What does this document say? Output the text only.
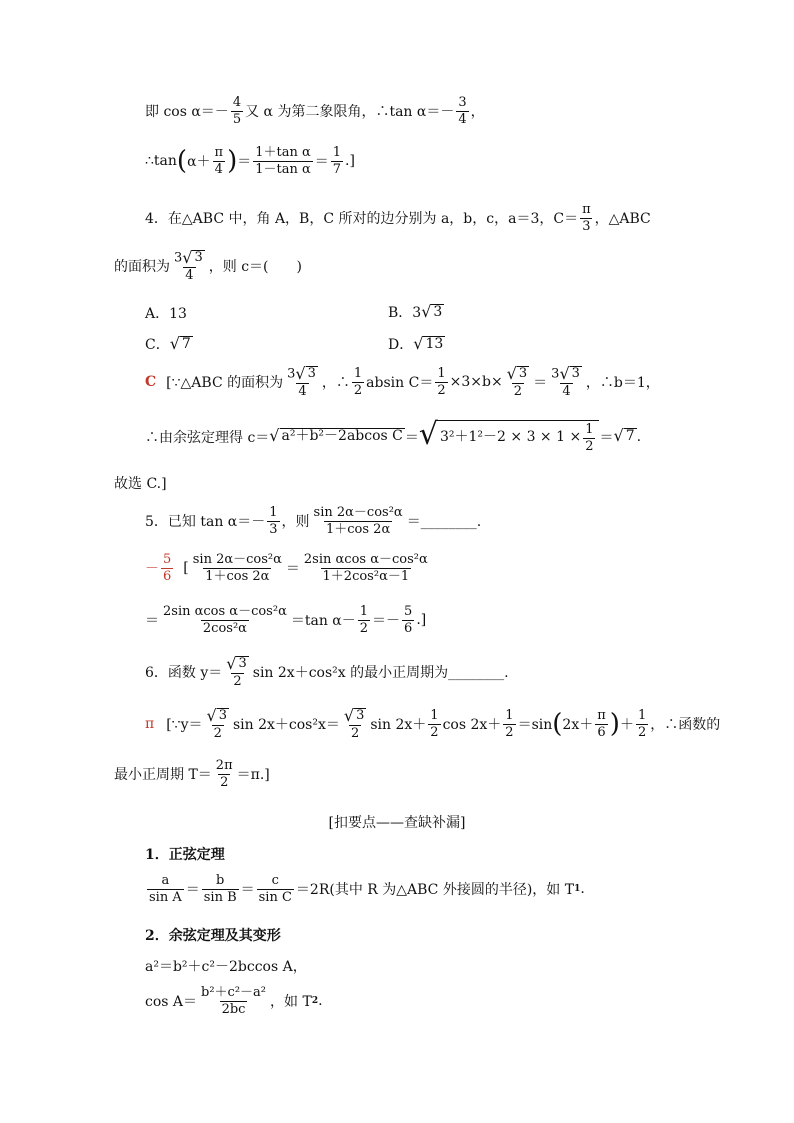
即 $\cos \alpha=- \frac{4}{5}$ 又 α 为第二象限角，∴tan $\alpha=- \frac{3}{4}$ ，
∴tan ( $\alpha+ \frac{\pi}{4}$ ) ＝ $\frac{\text{1＋tan α}}{\text{1－tan α}} = \frac{1}{7}$ .]
4．在△ABC 中，角 A，B，C 所对的边分别为 a，b，c，a＝3，$C= \frac{\pi}{3}$ ，△ABC
的面积为 $\frac{3 √ 3}{4}$ ，则 c＝(　　)
A．13	B．3 √ 3
C． √ 7	D． √ 13
C [∵△ABC 的面积为 $\frac{3 √ 3}{4}$ ，∴ $\frac{1}{2}$ absin $C= \frac{1}{2} \times 3\times b\times \frac{√ 3}{2} = \frac{3 √ 3}{4}$ ，∴b＝1，
∴由余弦定理得 c＝ √ a²＋b²－2abcos C ＝ √ $3^2+1^2-2 \times 3 \times 1 \times \frac{1}{2}$ ＝ √ 7 .
故选 C.]
5．已知 $\tan \alpha=- \frac{1}{3}$ ，则 $\frac{\text{sin 2α－cos²α}}{1+\cos 2\alpha}$ ＝________.
－ $\frac{5}{6}$ [ $\frac{\text{sin 2α－cos²α}}{1+\cos 2\alpha} = \frac{\text{2sin αcos α－cos²α}}{\text{1＋2cos²α－1}}$
＝ $\frac{\text{2sin αcos α－cos²α}}{\text{2cos²α}} =\tan$ $\alpha- \frac{1}{2} =- \frac{5}{6}$ .]
6．函数 $y= \frac{√ 3}{2}$ sin 2x＋cos²x 的最小正周期为________.
π [∵y＝ $\frac{√ 3}{2}$ $\sin 2x+\cos^2x= \frac{√ 3}{2}$ $\sin 2x+ \frac{1}{2}$ $\cos 2x+ \frac{1}{2} =\sin$ ( $2x+ \frac{\pi}{6}$ ) ＋ $\frac{1}{2}$ ，∴函数的
最小正周期 $T= \frac{2\pi}{2} =\pi$.]
[扣要点——查缺补漏]
1．正弦定理
$\frac{a}{\text{sin A}} = \frac{b}{\text{sin B}} = \frac{c}{\text{sin C}} =2R$(其中 R 为△ABC 外接圆的半径)，如 T 1 .
2．余弦定理及其变形
a²＝b²＋c²－2bccos A，
$\cos A= \frac{\text{b²＋c²－a²}}{2bc}$ ，如 T 2 .
